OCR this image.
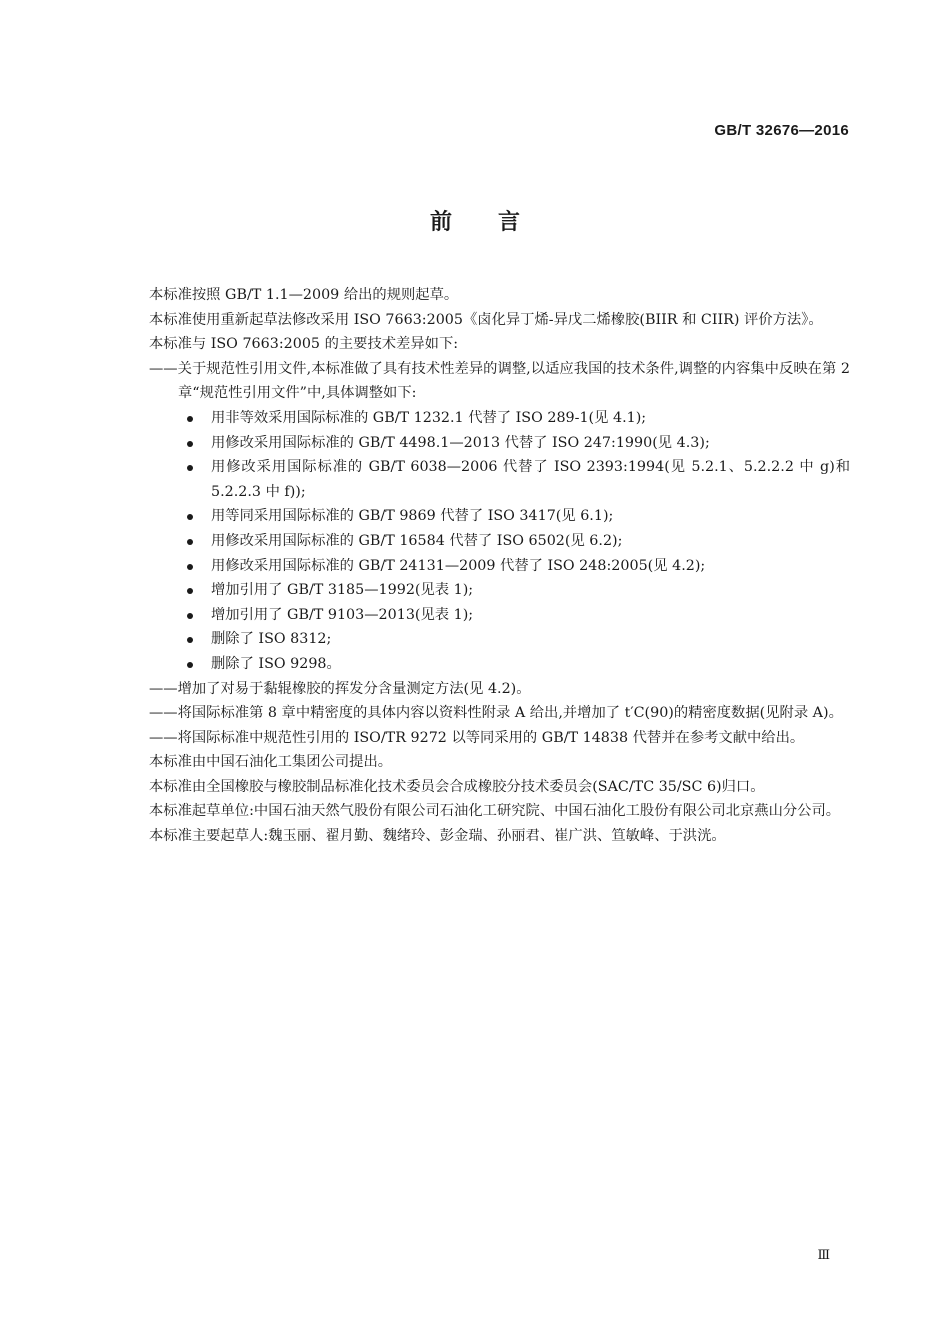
GB/T 32676—2016
前言

本标准按照 GB/T 1.1—2009 给出的规则起草。

本标准使用重新起草法修改采用 ISO 7663:2005《卤化异丁烯-异戊二烯橡胶(BIIR 和 CIIR) 评价方法》。

本标准与 ISO 7663:2005 的主要技术差异如下:

——关于规范性引用文件,本标准做了具有技术性差异的调整,以适应我国的技术条件,调整的内容集中反映在第 2 章“规范性引用文件”中,具体调整如下:

用非等效采用国际标准的 GB/T 1232.1 代替了 ISO 289-1(见 4.1);
用修改采用国际标准的 GB/T 4498.1—2013 代替了 ISO 247:1990(见 4.3);
用修改采用国际标准的 GB/T 6038—2006 代替了 ISO 2393:1994(见 5.2.1、5.2.2.2 中 g)和 5.2.2.3 中 f));
用等同采用国际标准的 GB/T 9869 代替了 ISO 3417(见 6.1);
用修改采用国际标准的 GB/T 16584 代替了 ISO 6502(见 6.2);
用修改采用国际标准的 GB/T 24131—2009 代替了 ISO 248:2005(见 4.2);
增加引用了 GB/T 3185—1992(见表 1);
增加引用了 GB/T 9103—2013(见表 1);
删除了 ISO 8312;
删除了 ISO 9298。

——增加了对易于黏辊橡胶的挥发分含量测定方法(见 4.2)。

——将国际标准第 8 章中精密度的具体内容以资料性附录 A 给出,并增加了 t′C(90)的精密度数据(见附录 A)。

——将国际标准中规范性引用的 ISO/TR 9272 以等同采用的 GB/T 14838 代替并在参考文献中给出。

本标准由中国石油化工集团公司提出。

本标准由全国橡胶与橡胶制品标准化技术委员会合成橡胶分技术委员会(SAC/TC 35/SC 6)归口。

本标准起草单位:中国石油天然气股份有限公司石油化工研究院、中国石油化工股份有限公司北京燕山分公司。

本标准主要起草人:魏玉丽、翟月勤、魏绪玲、彭金瑞、孙丽君、崔广洪、笪敏峰、于洪洸。

Ⅲ
